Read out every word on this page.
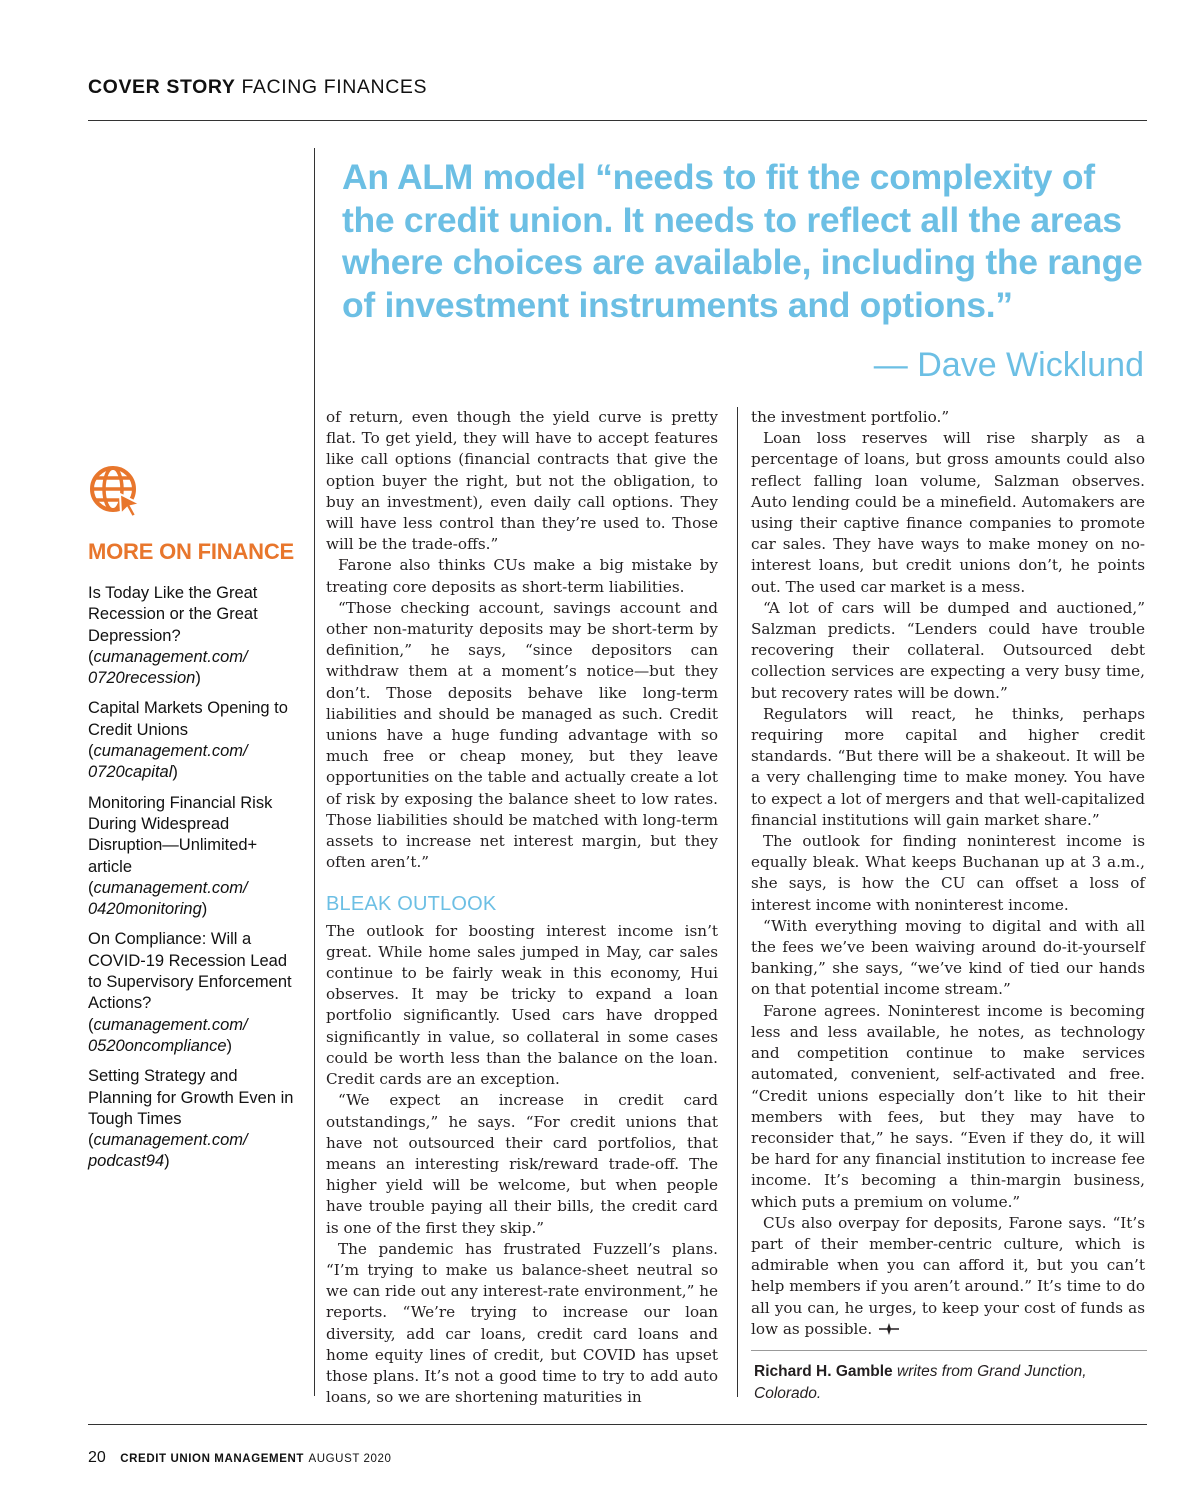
COVER STORY FACING FINANCES
MORE ON FINANCE
Is Today Like the Great Recession or the Great Depression?
(cumanagement.com/ 0720recession)
Capital Markets Opening to Credit Unions
(cumanagement.com/ 0720capital)
Monitoring Financial Risk During Widespread Disruption—Unlimited+ article
(cumanagement.com/ 0420monitoring)
On Compliance: Will a COVID-19 Recession Lead to Supervisory Enforcement Actions?
(cumanagement.com/ 0520oncompliance)
Setting Strategy and Planning for Growth Even in Tough Times
(cumanagement.com/ podcast94)
An ALM model “needs to fit the complexity of
the credit union. It needs to reflect all the areas
where choices are available, including the range
of investment instruments and options.”
— Dave Wicklund

of return, even though the yield curve is pretty flat. To get yield, they will have to accept features like call options (financial contracts that give the option buyer the right, but not the obligation, to buy an investment), even daily call options. They will have less control than they’re used to. Those will be the trade-offs.”

Farone also thinks CUs make a big mistake by treating core deposits as short-term liabilities.

“Those checking account, savings account and other non-maturity deposits may be short-term by definition,” he says, “since depositors can withdraw them at a moment’s notice—but they don’t. Those deposits behave like long-term liabilities and should be managed as such. Credit unions have a huge funding advantage with so much free or cheap money, but they leave opportunities on the table and actually create a lot of risk by exposing the balance sheet to low rates. Those liabilities should be matched with long-term assets to increase net interest margin, but they often aren’t.”

BLEAK OUTLOOK

The outlook for boosting interest income isn’t great. While home sales jumped in May, car sales continue to be fairly weak in this economy, Hui observes. It may be tricky to expand a loan portfolio significantly. Used cars have dropped significantly in value, so collateral in some cases could be worth less than the balance on the loan. Credit cards are an exception.

“We expect an increase in credit card outstandings,” he says. “For credit unions that have not outsourced their card portfolios, that means an interesting risk/reward trade-off. The higher yield will be welcome, but when people have trouble paying all their bills, the credit card is one of the first they skip.”

The pandemic has frustrated Fuzzell’s plans. “I’m trying to make us balance-sheet neutral so we can ride out any interest-rate environment,” he reports. “We’re trying to increase our loan diversity, add car loans, credit card loans and home equity lines of credit, but COVID has upset those plans. It’s not a good time to try to add auto loans, so we are shortening maturities in

the investment portfolio.”

Loan loss reserves will rise sharply as a percentage of loans, but gross amounts could also reflect falling loan volume, Salzman observes. Auto lending could be a minefield. Automakers are using their captive finance companies to promote car sales. They have ways to make money on no-interest loans, but credit unions don’t, he points out. The used car market is a mess.

“A lot of cars will be dumped and auctioned,” Salzman predicts. “Lenders could have trouble recovering their collateral. Outsourced debt collection services are expecting a very busy time, but recovery rates will be down.”

Regulators will react, he thinks, perhaps requiring more capital and higher credit standards. “But there will be a shakeout. It will be a very challenging time to make money. You have to expect a lot of mergers and that well-capitalized financial institutions will gain market share.”

The outlook for finding noninterest income is equally bleak. What keeps Buchanan up at 3 a.m., she says, is how the CU can offset a loss of interest income with noninterest income.

“With everything moving to digital and with all the fees we’ve been waiving around do-it-yourself banking,” she says, “we’ve kind of tied our hands on that potential income stream.”

Farone agrees. Noninterest income is becoming less and less available, he notes, as technology and competition continue to make services automated, convenient, self-activated and free. “Credit unions especially don’t like to hit their members with fees, but they may have to reconsider that,” he says. “Even if they do, it will be hard for any financial institution to increase fee income. It’s becoming a thin-margin business, which puts a premium on volume.”

CUs also overpay for deposits, Farone says. “It’s part of their member-centric culture, which is admirable when you can afford it, but you can’t help members if you aren’t around.” It’s time to do all you can, he urges, to keep your cost of funds as low as possible.

Richard H. Gamble writes from Grand Junction, Colorado.
20 CREDIT UNION MANAGEMENT AUGUST 2020
